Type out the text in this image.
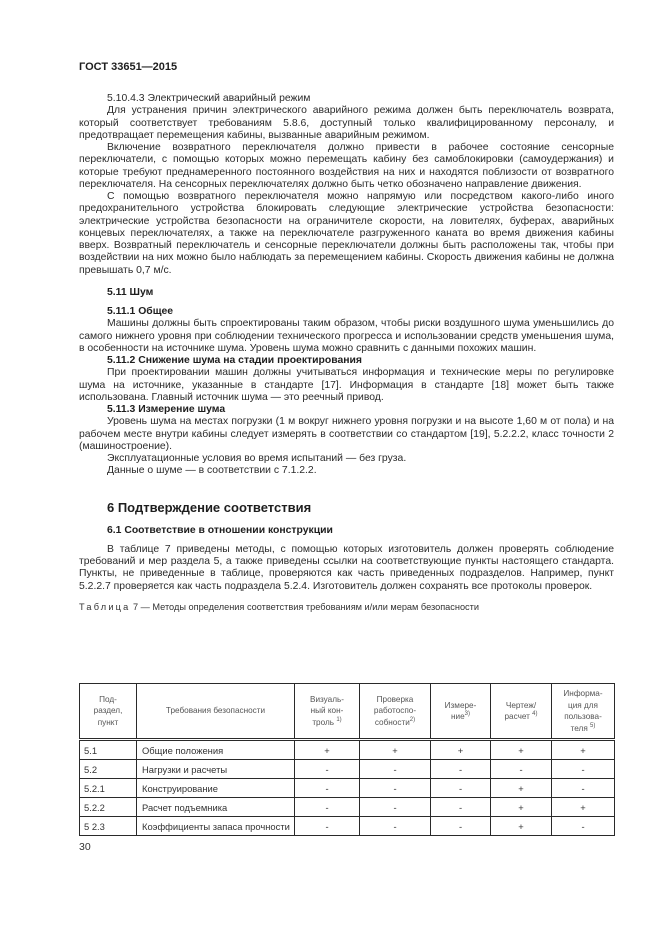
ГОСТ 33651—2015

5.10.4.3 Электрический аварийный режим

Для устранения причин электрического аварийного режима должен быть переключатель возврата, который соответствует требованиям 5.8.6, доступный только квалифицированному персоналу, и предотвращает перемещения кабины, вызванные аварийным режимом.

Включение возвратного переключателя должно привести в рабочее состояние сенсорные переключатели, с помощью которых можно перемещать кабину без самоблокировки (самоудержания) и которые требуют преднамеренного постоянного воздействия на них и находятся поблизости от возвратного переключателя. На сенсорных переключателях должно быть четко обозначено направление движения.

С помощью возвратного переключателя можно напрямую или посредством какого-либо иного предохранительного устройства блокировать следующие электрические устройства безопасности: электрические устройства безопасности на ограничителе скорости, на ловителях, буферах, аварийных концевых переключателях, а также на переключателе разгруженного каната во время движения кабины вверх. Возвратный переключатель и сенсорные переключатели должны быть расположены так, чтобы при воздействии на них можно было наблюдать за перемещением кабины. Скорость движения кабины не должна превышать 0,7 м/с.

5.11 Шум

5.11.1 Общее

Машины должны быть спроектированы таким образом, чтобы риски воздушного шума уменьшились до самого нижнего уровня при соблюдении технического прогресса и использовании средств уменьшения шума, в особенности на источнике шума. Уровень шума можно сравнить с данными похожих машин.

5.11.2 Снижение шума на стадии проектирования

При проектировании машин должны учитываться информация и технические меры по регулировке шума на источнике, указанные в стандарте [17]. Информация в стандарте [18] может быть также использована. Главный источник шума — это реечный привод.

5.11.3 Измерение шума

Уровень шума на местах погрузки (1 м вокруг нижнего уровня погрузки и на высоте 1,60 м от пола) и на рабочем месте внутри кабины следует измерять в соответствии со стандартом [19], 5.2.2.2, класс точности 2 (машиностроение).

Эксплуатационные условия во время испытаний — без груза.

Данные о шуме — в соответствии с 7.1.2.2.

6 Подтверждение соответствия

6.1 Соответствие в отношении конструкции

В таблице 7 приведены методы, с помощью которых изготовитель должен проверять соблюдение требований и мер раздела 5, а также приведены ссылки на соответствующие пункты настоящего стандарта. Пункты, не приведенные в таблице, проверяются как часть приведенных подразделов. Например, пункт 5.2.2.7 проверяется как часть подраздела 5.2.4. Изготовитель должен сохранять все протоколы проверок.

Таблица 7 — Методы определения соответствия требованиям и/или мерам безопасности

Под-
раздел,
пункт	Требования безопасности	Визуаль-
ный кон-
троль $^{1)}$	Проверка
работоспо-
собности$^{2)}$	Измере-
ние$^{3)}$	Чертеж/
расчет $^{4)}$	Информа-
ция для
пользова-
теля $^{5)}$
5.1	Общие положения	+	+	+	+	+
5.2	Нагрузки и расчеты	-	-	-	-	-
5.2.1	Конструирование	-	-	-	+	-
5.2.2	Расчет подъемника	-	-	-	+	+
5 2.3	Коэффициенты запаса прочности	-	-	-	+	-
30
